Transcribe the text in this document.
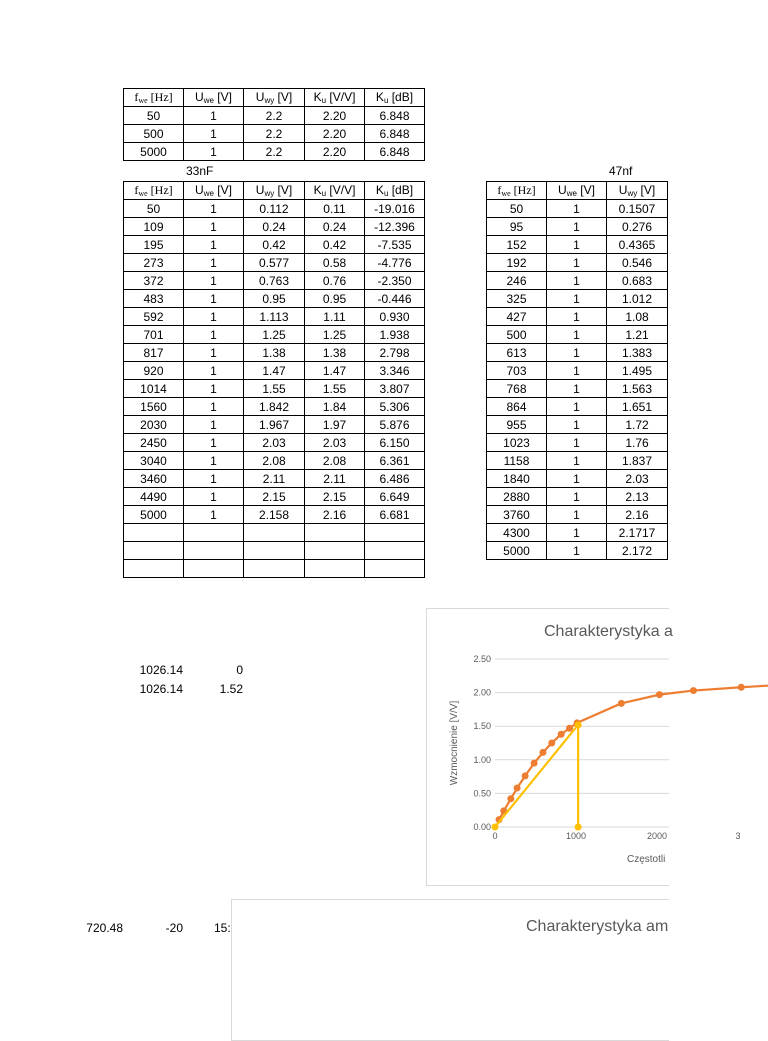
$f_{we}$ [Hz]	$U_{we}$ [V]	$U_{wy}$ [V]	$K_u$ [V/V]	$K_u$ [dB]
50	1	2.2	2.20	6.848
500	1	2.2	2.20	6.848
5000	1	2.2	2.20	6.848
33nF
$f_{we}$ [Hz]	$U_{we}$ [V]	$U_{wy}$ [V]	$K_u$ [V/V]	$K_u$ [dB]
50	1	0.112	0.11	-19.016
109	1	0.24	0.24	-12.396
195	1	0.42	0.42	-7.535
273	1	0.577	0.58	-4.776
372	1	0.763	0.76	-2.350
483	1	0.95	0.95	-0.446
592	1	1.113	1.11	0.930
701	1	1.25	1.25	1.938
817	1	1.38	1.38	2.798
920	1	1.47	1.47	3.346
1014	1	1.55	1.55	3.807
1560	1	1.842	1.84	5.306
2030	1	1.967	1.97	5.876
2450	1	2.03	2.03	6.150
3040	1	2.08	2.08	6.361
3460	1	2.11	2.11	6.486
4490	1	2.15	2.15	6.649
5000	1	2.158	2.16	6.681

47nf
$f_{we}$ [Hz]	$U_{we}$ [V]	$U_{wy}$ [V]
50	1	0.1507
95	1	0.276
152	1	0.4365
192	1	0.546
246	1	0.683
325	1	1.012
427	1	1.08
500	1	1.21
613	1	1.383
703	1	1.495
768	1	1.563
864	1	1.651
955	1	1.72
1023	1	1.76
1158	1	1.837
1840	1	2.03
2880	1	2.13
3760	1	2.16
4300	1	2.1717
5000	1	2.172
1026.14	0
1026.14	1.52
Charakterystyka a
0.00
0.50
1.00
1.50
2.00
2.50
0	1000	2000	3
Wzmocnienie [V/V]
Częstotli
720.48	-20	15:	Charakterystyka am
